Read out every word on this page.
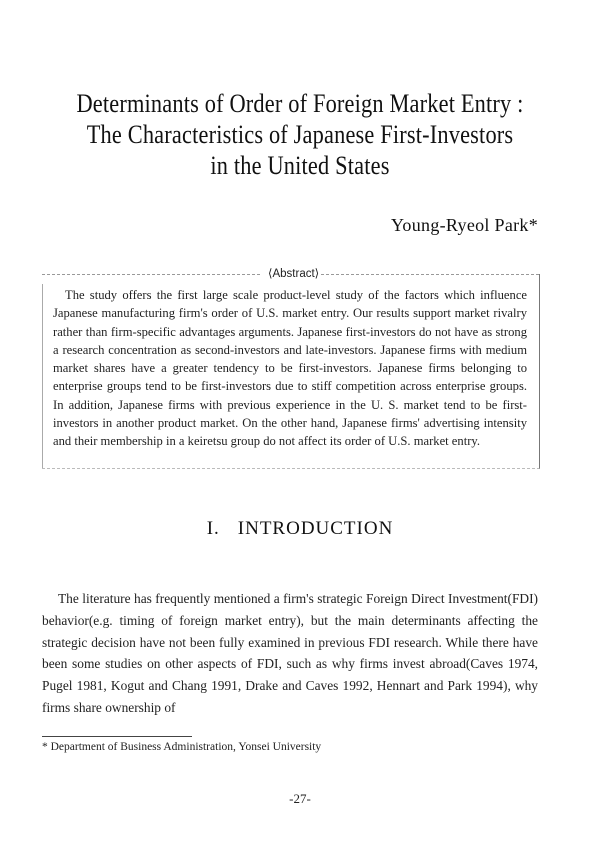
Determinants of Order of Foreign Market Entry :
The Characteristics of Japanese First-Investors
in the United States
Young-Ryeol Park*
⟨Abstract⟩
The study offers the first large scale product-level study of the factors which influence Japanese manufacturing firm's order of U.S. market entry. Our results support market rivalry rather than firm-specific advantages arguments. Japanese first-investors do not have as strong a research concentration as second-investors and late-investors. Japanese firms with medium market shares have a greater tendency to be first-investors. Japanese firms belonging to enterprise groups tend to be first-investors due to stiff competition across enterprise groups. In addition, Japanese firms with previous experience in the U. S. market tend to be first-investors in another product market. On the other hand, Japanese firms' advertising intensity and their membership in a keiretsu group do not affect its order of U.S. market entry.
I. INTRODUCTION
The literature has frequently mentioned a firm's strategic Foreign Direct Investment(FDI) behavior(e.g. timing of foreign market entry), but the main determinants affecting the strategic decision have not been fully examined in previous FDI research. While there have been some studies on other aspects of FDI, such as why firms invest abroad(Caves 1974, Pugel 1981, Kogut and Chang 1991, Drake and Caves 1992, Hennart and Park 1994), why firms share ownership of
* Department of Business Administration, Yonsei University
-27-
